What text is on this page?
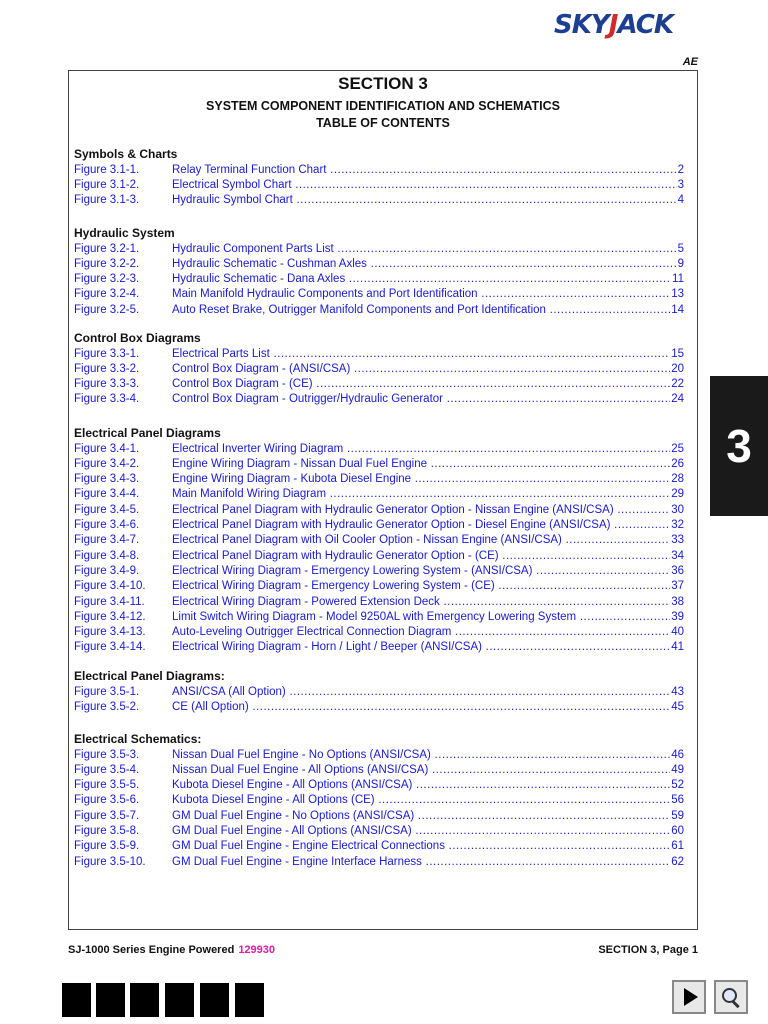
SKYJACK
AE
SECTION 3
SYSTEM COMPONENT IDENTIFICATION AND SCHEMATICS
TABLE OF CONTENTS
Symbols & Charts
Figure 3.1-1.	Relay Terminal Function Chart .....	2
Figure 3.1-2.	Electrical Symbol Chart .....	3
Figure 3.1-3.	Hydraulic Symbol Chart .....	4
Hydraulic System
Figure 3.2-1.	Hydraulic Component Parts List .....	5
Figure 3.2-2.	Hydraulic Schematic - Cushman Axles .....	9
Figure 3.2-3.	Hydraulic Schematic - Dana Axles .....	11
Figure 3.2-4.	Main Manifold Hydraulic Components and Port Identification .....	13
Figure 3.2-5.	Auto Reset Brake, Outrigger Manifold Components and Port Identification .....	14
Control Box Diagrams
Figure 3.3-1.	Electrical Parts List .....	15
Figure 3.3-2.	Control Box Diagram - (ANSI/CSA) .....	20
Figure 3.3-3.	Control Box Diagram - (CE) .....	22
Figure 3.3-4.	Control Box Diagram - Outrigger/Hydraulic Generator .....	24
Electrical Panel Diagrams
Figure 3.4-1.	Electrical Inverter Wiring Diagram .....	25
Figure 3.4-2.	Engine Wiring Diagram - Nissan Dual Fuel Engine .....	26
Figure 3.4-3.	Engine Wiring Diagram - Kubota Diesel Engine .....	28
Figure 3.4-4.	Main Manifold Wiring Diagram .....	29
Figure 3.4-5.	Electrical Panel Diagram with Hydraulic Generator Option - Nissan Engine (ANSI/CSA) .....	30
Figure 3.4-6.	Electrical Panel Diagram with Hydraulic Generator Option - Diesel Engine (ANSI/CSA) .....	32
Figure 3.4-7.	Electrical Panel Diagram with Oil Cooler Option - Nissan Engine (ANSI/CSA) .....	33
Figure 3.4-8.	Electrical Panel Diagram with Hydraulic Generator Option - (CE) .....	34
Figure 3.4-9.	Electrical Wiring Diagram - Emergency Lowering System - (ANSI/CSA) .....	36
Figure 3.4-10. Electrical Wiring Diagram - Emergency Lowering System - (CE) .....	37
Figure 3.4-11. Electrical Wiring Diagram - Powered Extension Deck .....	38
Figure 3.4-12. Limit Switch Wiring Diagram - Model 9250AL with Emergency Lowering System .....	39
Figure 3.4-13. Auto-Leveling Outrigger Electrical Connection Diagram .....	40
Figure 3.4-14. Electrical Wiring Diagram - Horn / Light / Beeper (ANSI/CSA) .....	41
Electrical Panel Diagrams:
Figure 3.5-1.	ANSI/CSA (All Option) .....	43
Figure 3.5-2.	CE (All Option) .....	45
Electrical Schematics:
Figure 3.5-3.	Nissan Dual Fuel Engine - No Options (ANSI/CSA) .....	46
Figure 3.5-4.	Nissan Dual Fuel Engine - All Options (ANSI/CSA) .....	49
Figure 3.5-5.	Kubota Diesel Engine - All Options (ANSI/CSA) .....	52
Figure 3.5-6.	Kubota Diesel Engine - All Options (CE) .....	56
Figure 3.5-7.	GM Dual Fuel Engine - No Options (ANSI/CSA) .....	59
Figure 3.5-8.	GM Dual Fuel Engine - All Options (ANSI/CSA) .....	60
Figure 3.5-9.	GM Dual Fuel Engine - Engine Electrical Connections .....	61
Figure 3.5-10. GM Dual Fuel Engine - Engine Interface Harness .....	62
3
SJ-1000 Series Engine Powered 129930	SECTION 3, Page 1
